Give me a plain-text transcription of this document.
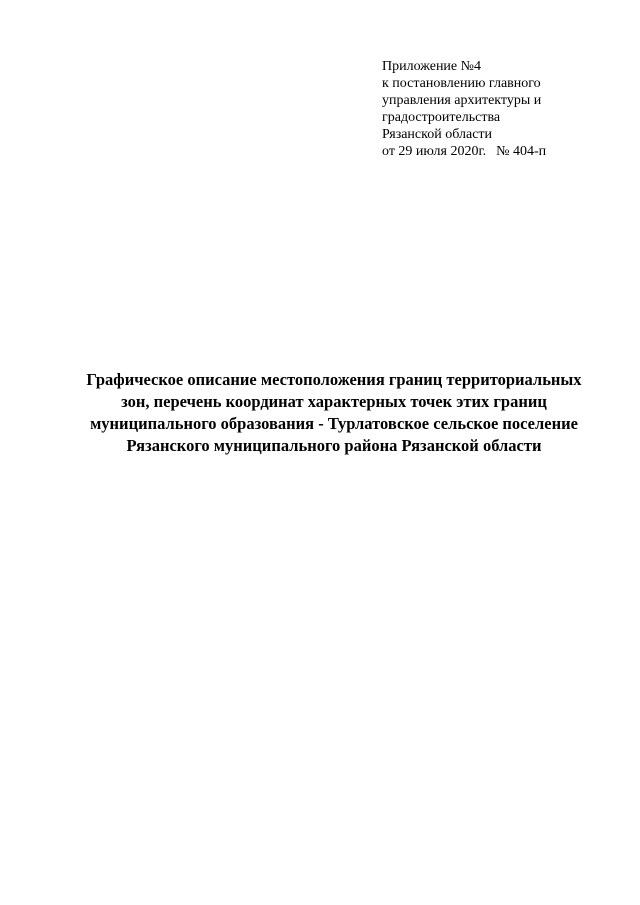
Приложение №4
к постановлению главного
управления архитектуры и
градостроительства
Рязанской области
от 29 июля 2020г. № 404-п
Графическое описание местоположения границ территориальных
зон, перечень координат характерных точек этих границ
муниципального образования - Турлатовское сельское поселение
Рязанского муниципального района Рязанской области
